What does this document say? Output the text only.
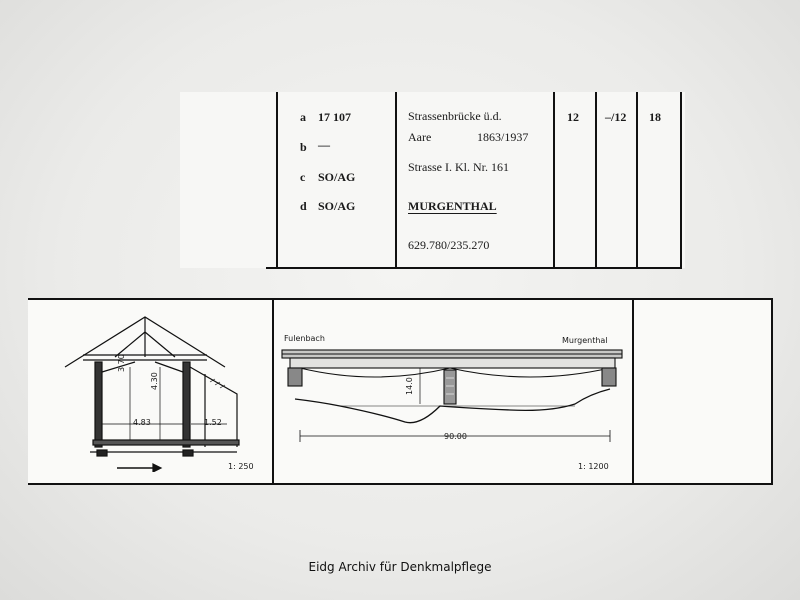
a 17 107
b —
c SO/AG
d SO/AG
Strassenbrücke ü.d.
Aare	1863/1937
Strasse I. Kl. Nr. 161
MURGENTHAL
629.780/235.270
12 –/12 18
3.70
4.30
4.83	1.52
1: 250
Fulenbach	Murgenthal
14.0
90.00
1: 1200
Eidg Archiv für Denkmalpflege
